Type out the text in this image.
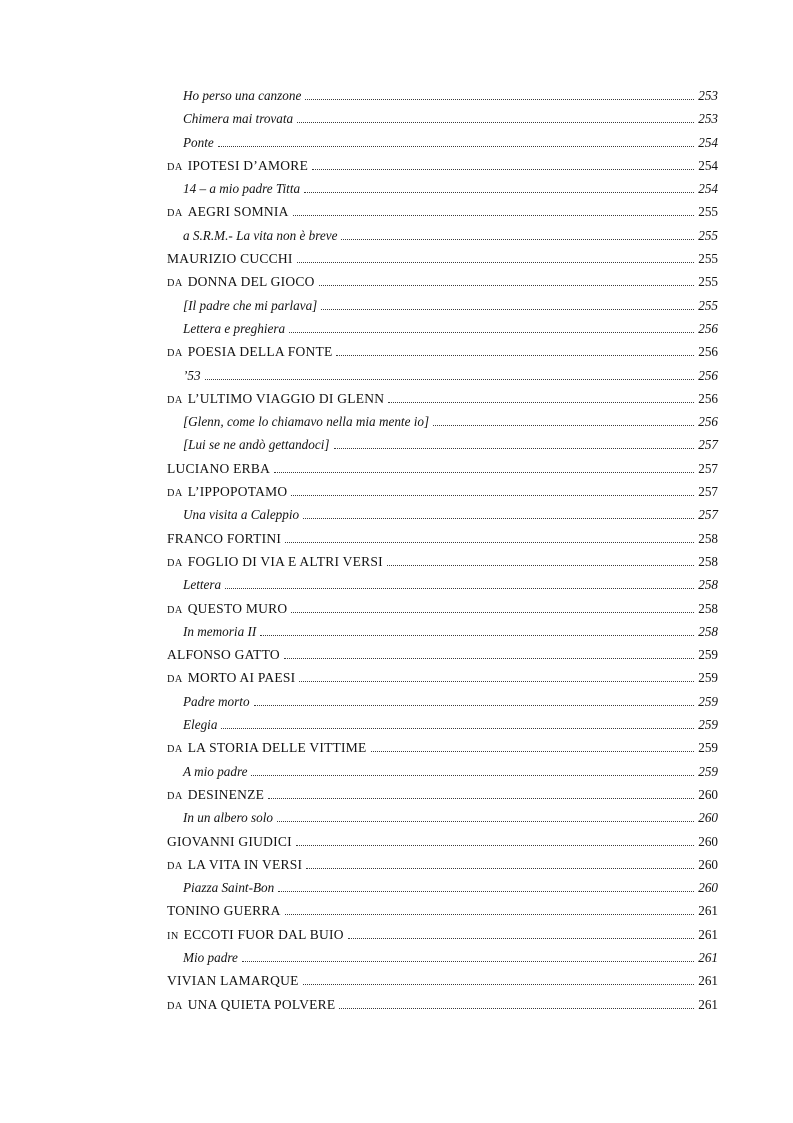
Ho perso una canzone	253
Chimera mai trovata	253
Ponte	254
DA IPOTESI D’AMORE	254
14 – a mio padre Titta	254
DA AEGRI SOMNIA	255
a S.R.M.- La vita non è breve	255
MAURIZIO CUCCHI	255
DA DONNA DEL GIOCO	255
[Il padre che mi parlava]	255
Lettera e preghiera	256
DA POESIA DELLA FONTE	256
’53	256
DA L’ULTIMO VIAGGIO DI GLENN	256
[Glenn, come lo chiamavo nella mia mente io]	256
[Lui se ne andò gettandoci]	257
LUCIANO ERBA	257
DA L’IPPOPOTAMO	257
Una visita a Caleppio	257
FRANCO FORTINI	258
DA FOGLIO DI VIA E ALTRI VERSI	258
Lettera	258
DA QUESTO MURO	258
In memoria II	258
ALFONSO GATTO	259
DA MORTO AI PAESI	259
Padre morto	259
Elegia	259
DA LA STORIA DELLE VITTIME	259
A mio padre	259
DA DESINENZE	260
In un albero solo	260
GIOVANNI GIUDICI	260
DA LA VITA IN VERSI	260
Piazza Saint-Bon	260
TONINO GUERRA	261
IN ECCOTI FUOR DAL BUIO	261
Mio padre	261
VIVIAN LAMARQUE	261
DA UNA QUIETA POLVERE	261
